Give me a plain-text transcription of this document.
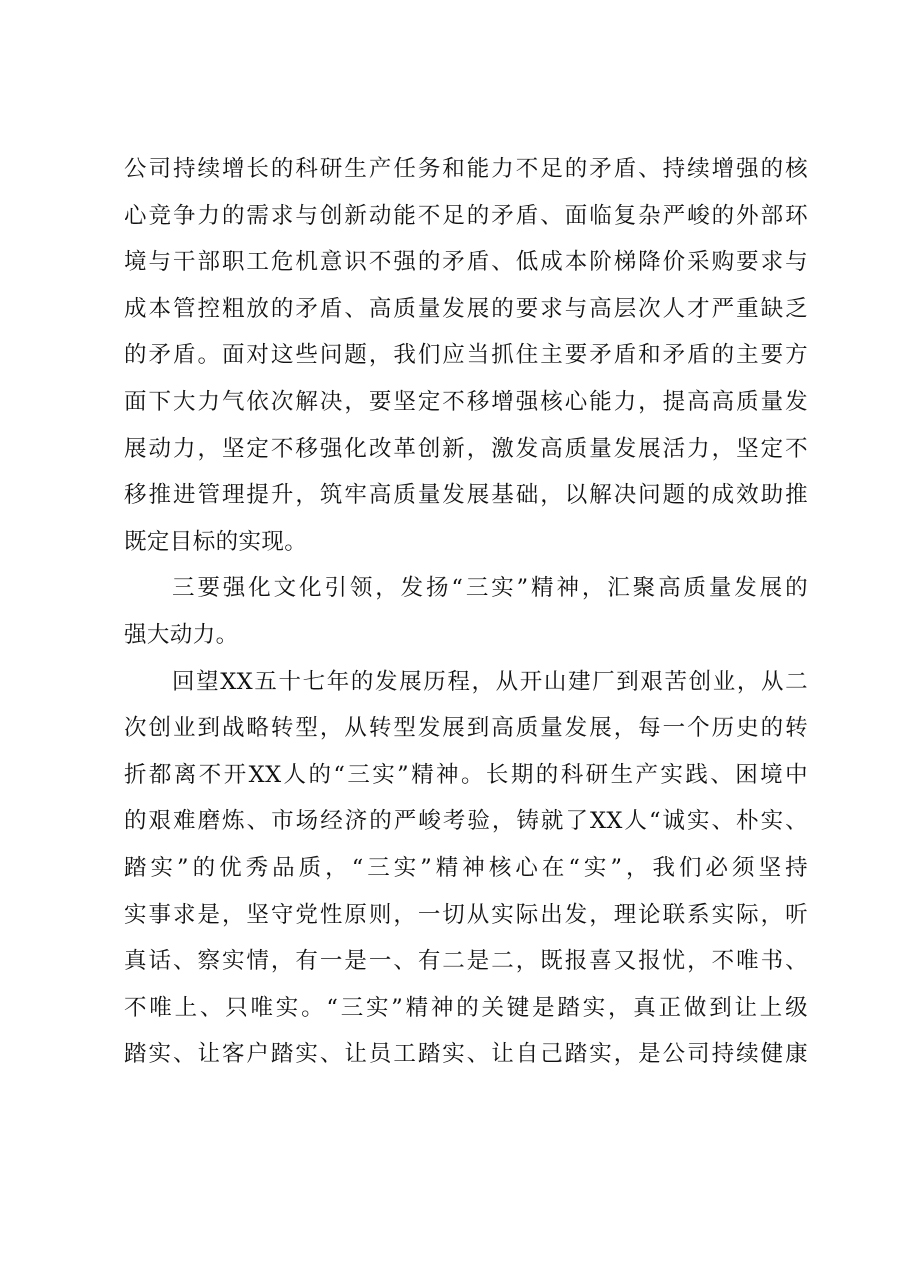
公司持续增长的科研生产任务和能力不足的矛盾、持续增强的核
心竞争力的需求与创新动能不足的矛盾、面临复杂严峻的外部环
境与干部职工危机意识不强的矛盾、低成本阶梯降价采购要求与
成本管控粗放的矛盾、高质量发展的要求与高层次人才严重缺乏
的矛盾。面对这些问题，我们应当抓住主要矛盾和矛盾的主要方
面下大力气依次解决，要坚定不移增强核心能力，提高高质量发
展动力，坚定不移强化改革创新，激发高质量发展活力，坚定不
移推进管理提升，筑牢高质量发展基础，以解决问题的成效助推
既定目标的实现。
三要强化文化引领，发扬“三实”精神，汇聚高质量发展的
强大动力。
回望XX五十七年的发展历程，从开山建厂到艰苦创业，从二
次创业到战略转型，从转型发展到高质量发展，每一个历史的转
折都离不开XX人的“三实”精神。长期的科研生产实践、困境中
的艰难磨炼、市场经济的严峻考验，铸就了XX人“诚实、朴实、
踏实”的优秀品质，“三实”精神核心在“实”，我们必须坚持
实事求是，坚守党性原则，一切从实际出发，理论联系实际，听
真话、察实情，有一是一、有二是二，既报喜又报忧，不唯书、
不唯上、只唯实。“三实”精神的关键是踏实，真正做到让上级
踏实、让客户踏实、让员工踏实、让自己踏实，是公司持续健康
